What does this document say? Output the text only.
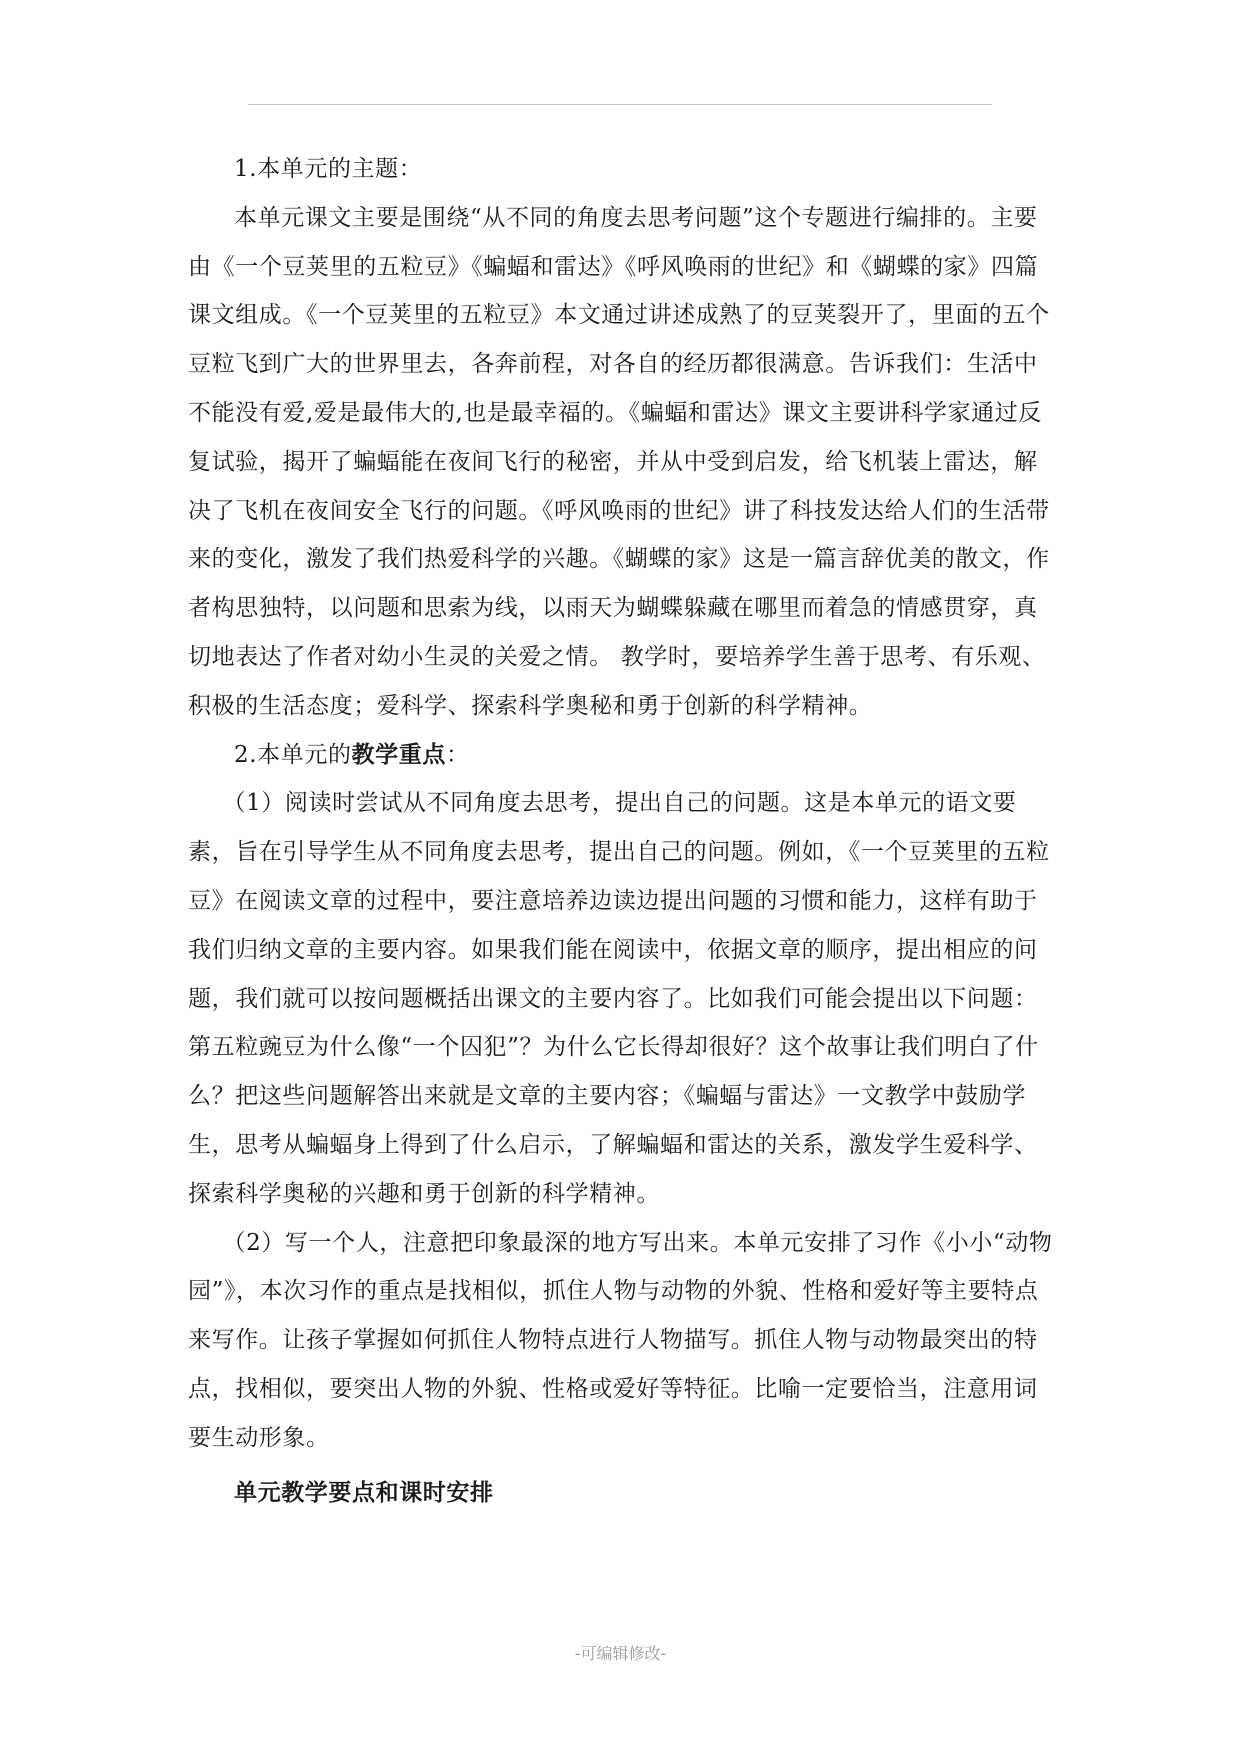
1.本单元的主题：

本单元课文主要是围绕“从不同的角度去思考问题”这个专题进行编排的。主要由《一个豆荚里的五粒豆》《蝙蝠和雷达》《呼风唤雨的世纪》和《蝴蝶的家》四篇课文组成。《一个豆荚里的五粒豆》本文通过讲述成熟了的豆荚裂开了，里面的五个豆粒飞到广大的世界里去，各奔前程，对各自的经历都很满意。告诉我们：生活中不能没有爱,爱是最伟大的,也是最幸福的。《蝙蝠和雷达》课文主要讲科学家通过反复试验，揭开了蝙蝠能在夜间飞行的秘密，并从中受到启发，给飞机装上雷达，解决了飞机在夜间安全飞行的问题。《呼风唤雨的世纪》讲了科技发达给人们的生活带来的变化，激发了我们热爱科学的兴趣。《蝴蝶的家》这是一篇言辞优美的散文，作者构思独特，以问题和思索为线，以雨天为蝴蝶躲藏在哪里而着急的情感贯穿，真切地表达了作者对幼小生灵的关爱之情。 教学时，要培养学生善于思考、有乐观、积极的生活态度；爱科学、探索科学奥秘和勇于创新的科学精神。

2.本单元的教学重点：

（1）阅读时尝试从不同角度去思考，提出自己的问题。这是本单元的语文要素，旨在引导学生从不同角度去思考，提出自己的问题。例如，《一个豆荚里的五粒豆》在阅读文章的过程中，要注意培养边读边提出问题的习惯和能力，这样有助于我们归纳文章的主要内容。如果我们能在阅读中，依据文章的顺序，提出相应的问题，我们就可以按问题概括出课文的主要内容了。比如我们可能会提出以下问题：第五粒豌豆为什么像“一个囚犯”？为什么它长得却很好？这个故事让我们明白了什么？把这些问题解答出来就是文章的主要内容；《蝙蝠与雷达》一文教学中鼓励学生，思考从蝙蝠身上得到了什么启示，了解蝙蝠和雷达的关系，激发学生爱科学、探索科学奥秘的兴趣和勇于创新的科学精神。

（2）写一个人，注意把印象最深的地方写出来。本单元安排了习作《小小“动物园”》，本次习作的重点是找相似，抓住人物与动物的外貌、性格和爱好等主要特点来写作。让孩子掌握如何抓住人物特点进行人物描写。抓住人物与动物最突出的特点，找相似，要突出人物的外貌、性格或爱好等特征。比喻一定要恰当，注意用词要生动形象。

单元教学要点和课时安排

-可编辑修改-
